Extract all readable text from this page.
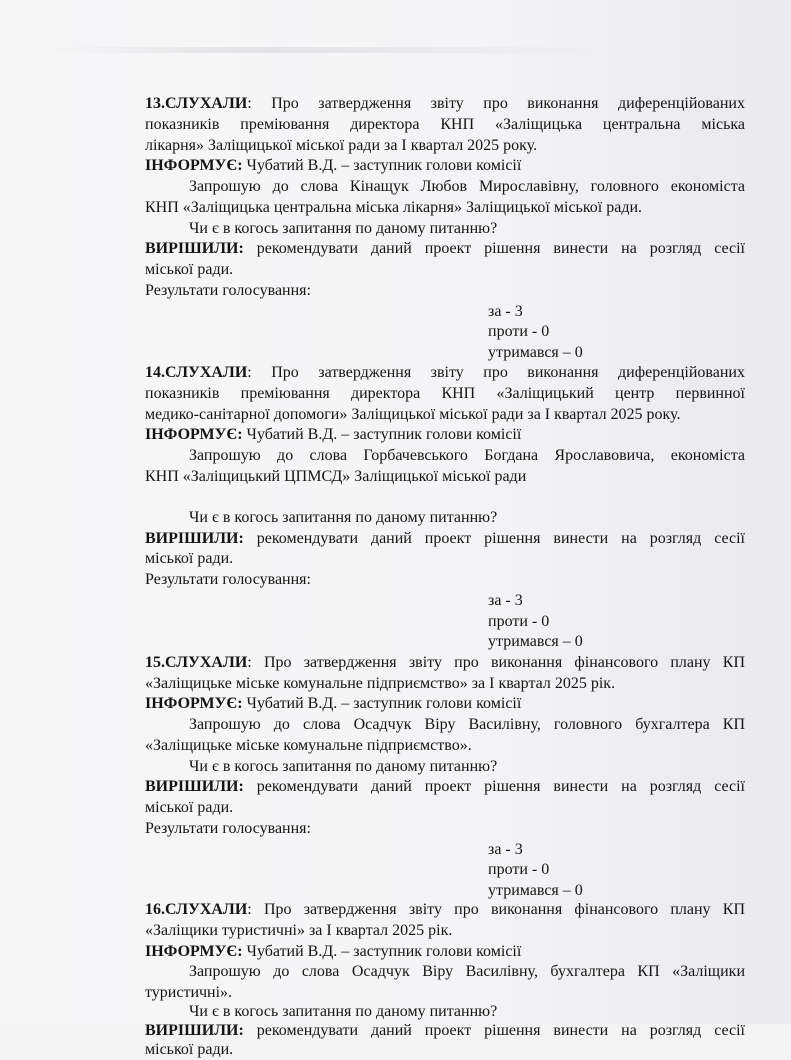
13.СЛУХАЛИ: Про затвердження звіту про виконання диференційованих
показників преміювання директора КНП «Заліщицька центральна міська
лікарня» Заліщицької міської ради за І квартал 2025 року.
ІНФОРМУЄ: Чубатий В.Д. – заступник голови комісії
Запрошую до слова Кінащук Любов Мирославівну, головного економіста
КНП «Заліщицька центральна міська лікарня» Заліщицької міської ради.
Чи є в когось запитання по даному питанню?
ВИРІШИЛИ: рекомендувати даний проект рішення винести на розгляд сесії
міської ради.
Результати голосування:
за - 3
проти - 0
утримався – 0
14.СЛУХАЛИ: Про затвердження звіту про виконання диференційованих
показників преміювання директора КНП «Заліщицький центр первинної
медико-санітарної допомоги» Заліщицької міської ради за І квартал 2025 року.
ІНФОРМУЄ: Чубатий В.Д. – заступник голови комісії
Запрошую до слова Горбачевського Богдана Ярославовича, економіста
КНП «Заліщицький ЦПМСД» Заліщицької міської ради
Чи є в когось запитання по даному питанню?
ВИРІШИЛИ: рекомендувати даний проект рішення винести на розгляд сесії
міської ради.
Результати голосування:
за - 3
проти - 0
утримався – 0
15.СЛУХАЛИ: Про затвердження звіту про виконання фінансового плану КП
«Заліщицьке міське комунальне підприємство» за І квартал 2025 рік.
ІНФОРМУЄ: Чубатий В.Д. – заступник голови комісії
Запрошую до слова Осадчук Віру Василівну, головного бухгалтера КП
«Заліщицьке міське комунальне підприємство».
Чи є в когось запитання по даному питанню?
ВИРІШИЛИ: рекомендувати даний проект рішення винести на розгляд сесії
міської ради.
Результати голосування:
за - 3
проти - 0
утримався – 0
16.СЛУХАЛИ: Про затвердження звіту про виконання фінансового плану КП
«Заліщики туристичні» за І квартал 2025 рік.
ІНФОРМУЄ: Чубатий В.Д. – заступник голови комісії
Запрошую до слова Осадчук Віру Василівну, бухгалтера КП «Заліщики
туристичні».
Чи є в когось запитання по даному питанню?
ВИРІШИЛИ: рекомендувати даний проект рішення винести на розгляд сесії
міської ради.
